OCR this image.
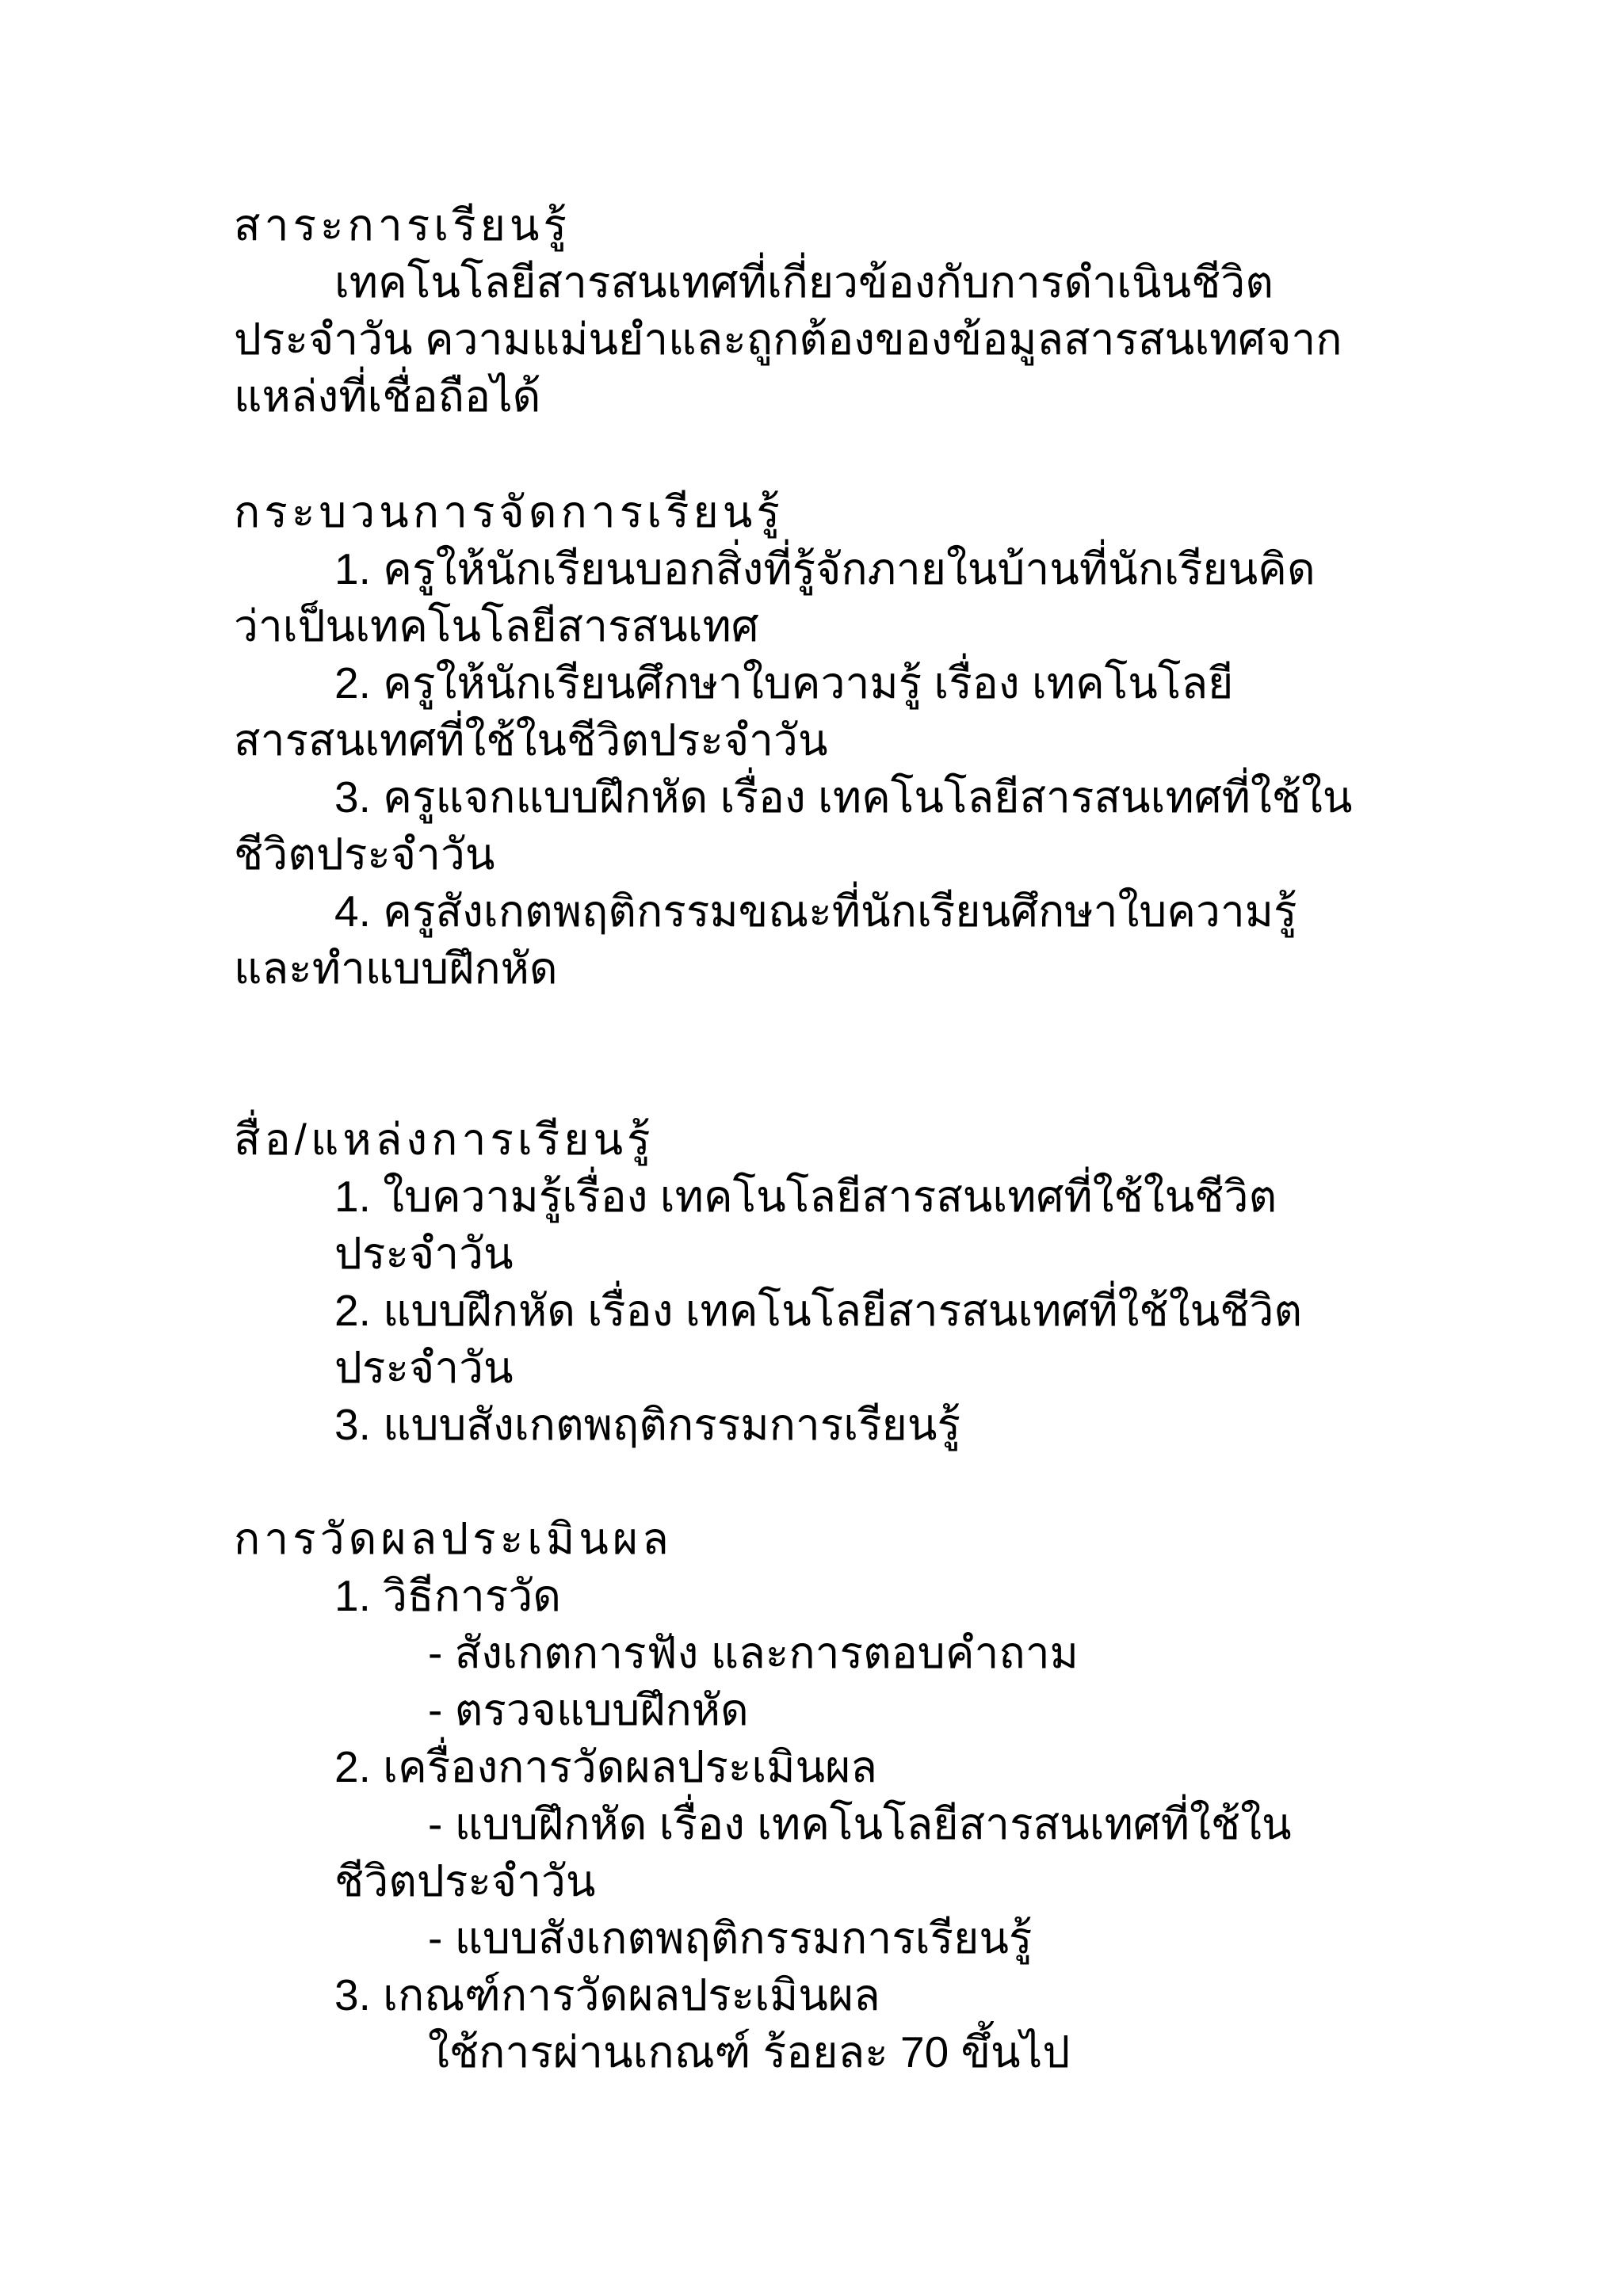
สาระการเรียนรู้

เทคโนโลยีสารสนเทศที่เกี่ยวข้องกับการดำเนินชีวิต

ประจำวัน ความแม่นยำและถูกต้องของข้อมูลสารสนเทศจาก

แหล่งที่เชื่อถือได้

กระบวนการจัดการเรียนรู้

1. ครูให้นักเรียนบอกสิ่งที่รู้จักภายในบ้านที่นักเรียนคิด

ว่าเป็นเทคโนโลยีสารสนเทศ

2. ครูให้นักเรียนศึกษาใบความรู้ เรื่อง เทคโนโลยี

สารสนเทศที่ใช้ในชีวิตประจำวัน

3. ครูแจกแบบฝึกหัด เรื่อง เทคโนโลยีสารสนเทศที่ใช้ใน

ชีวิตประจำวัน

4. ครูสังเกตพฤติกรรมขณะที่นักเรียนศึกษาใบความรู้

และทำแบบฝึกหัด

สื่อ/แหล่งการเรียนรู้

1. ใบความรู้เรื่อง เทคโนโลยีสารสนเทศที่ใช้ในชีวิต

ประจำวัน

2. แบบฝึกหัด เรื่อง เทคโนโลยีสารสนเทศที่ใช้ในชีวิต

ประจำวัน

3. แบบสังเกตพฤติกรรมการเรียนรู้

การวัดผลประเมินผล

1. วิธีการวัด

- สังเกตการฟัง และการตอบคำถาม

- ตรวจแบบฝึกหัด

2. เครื่องการวัดผลประเมินผล

- แบบฝึกหัด เรื่อง เทคโนโลยีสารสนเทศที่ใช้ใน

ชีวิตประจำวัน

- แบบสังเกตพฤติกรรมการเรียนรู้

3. เกณฑ์การวัดผลประเมินผล

ใช้การผ่านเกณฑ์ ร้อยละ 70 ขึ้นไป
